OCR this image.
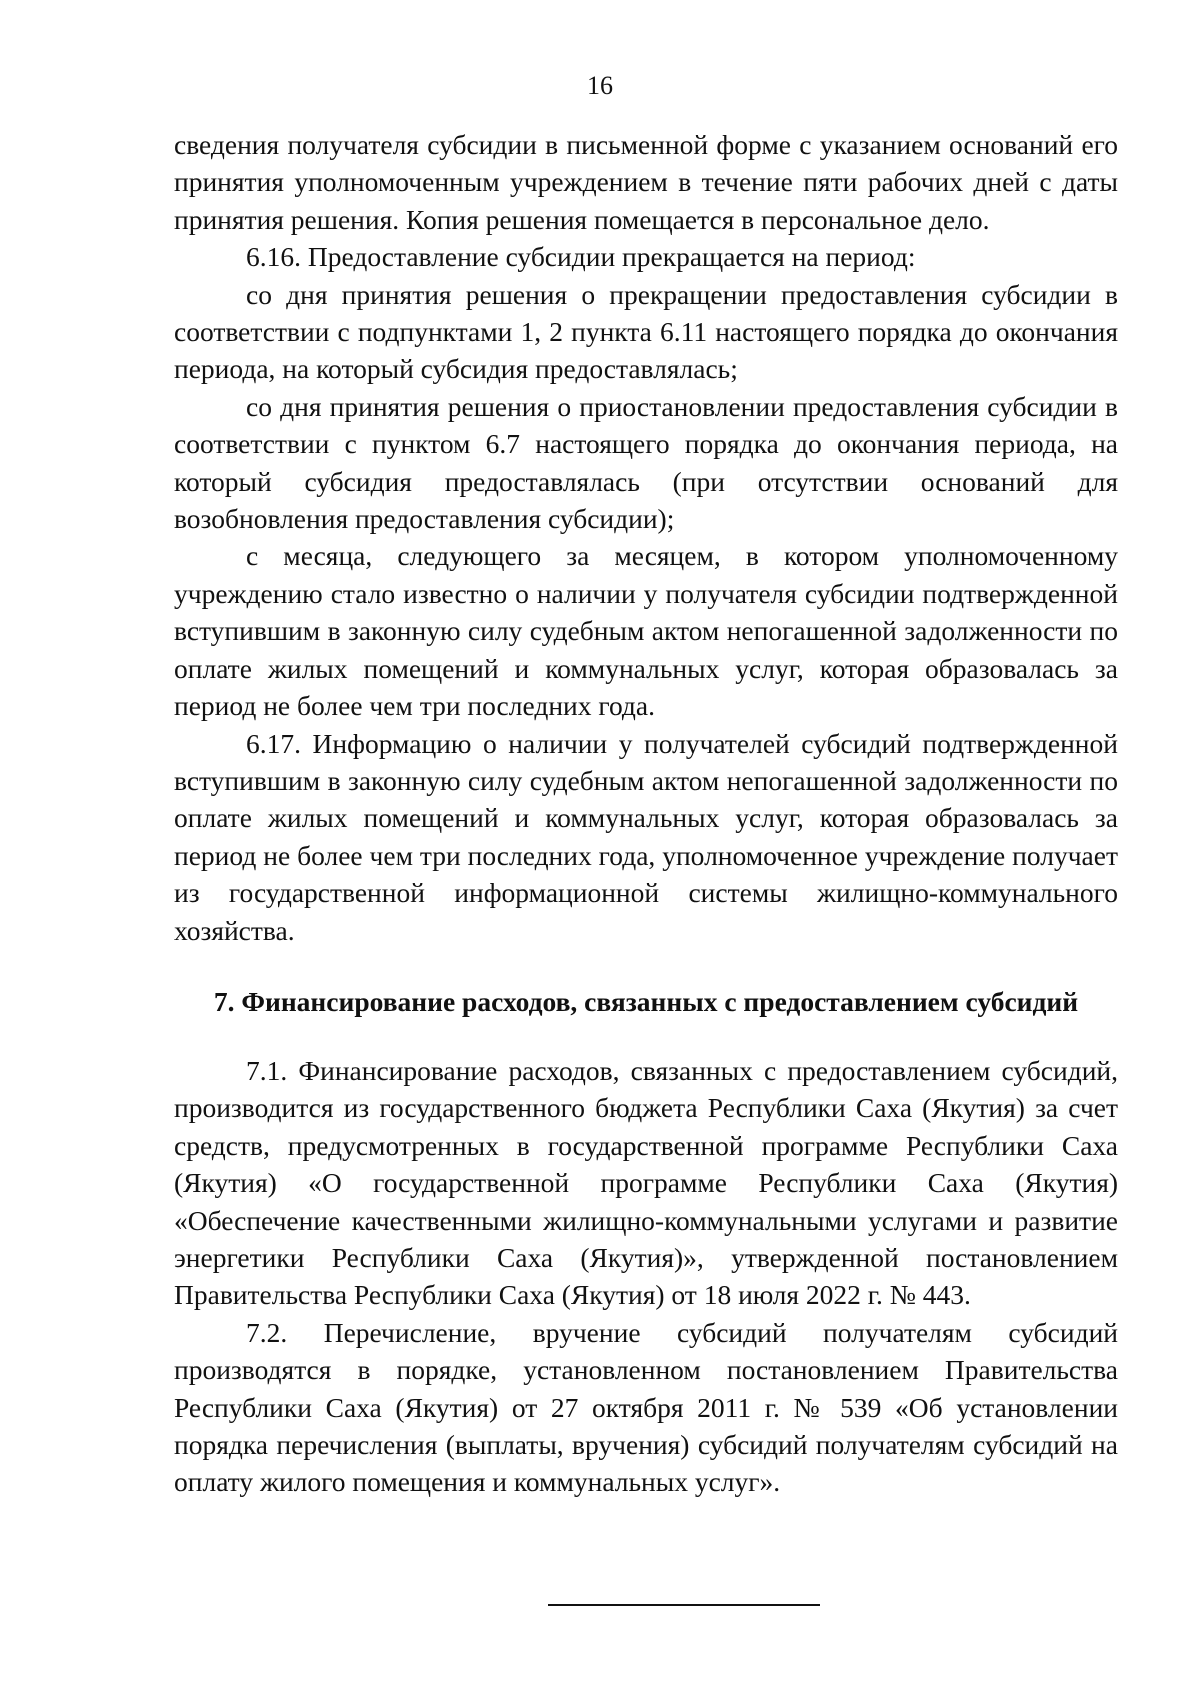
16

сведения получателя субсидии в письменной форме с указанием оснований его принятия уполномоченным учреждением в течение пяти рабочих дней с даты принятия решения. Копия решения помещается в персональное дело.

6.16. Предоставление субсидии прекращается на период:

со дня принятия решения о прекращении предоставления субсидии в соответствии с подпунктами 1, 2 пункта 6.11 настоящего порядка до окончания периода, на который субсидия предоставлялась;

со дня принятия решения о приостановлении предоставления субсидии в соответствии с пунктом 6.7 настоящего порядка до окончания периода, на который субсидия предоставлялась (при отсутствии оснований для возобновления предоставления субсидии);

с месяца, следующего за месяцем, в котором уполномоченному учреждению стало известно о наличии у получателя субсидии подтвержденной вступившим в законную силу судебным актом непогашенной задолженности по оплате жилых помещений и коммунальных услуг, которая образовалась за период не более чем три последних года.

6.17. Информацию о наличии у получателей субсидий подтвержденной вступившим в законную силу судебным актом непогашенной задолженности по оплате жилых помещений и коммунальных услуг, которая образовалась за период не более чем три последних года, уполномоченное учреждение получает из государственной информационной системы жилищно-коммунального хозяйства.

7. Финансирование расходов, связанных с предоставлением субсидий

7.1. Финансирование расходов, связанных с предоставлением субсидий, производится из государственного бюджета Республики Саха (Якутия) за счет средств, предусмотренных в государственной программе Республики Саха (Якутия) «О государственной программе Республики Саха (Якутия) «Обеспечение качественными жилищно-коммунальными услугами и развитие энергетики Республики Саха (Якутия)», утвержденной постановлением Правительства Республики Саха (Якутия) от 18 июля 2022 г. № 443.

7.2. Перечисление, вручение субсидий получателям субсидий производятся в порядке, установленном постановлением Правительства Республики Саха (Якутия) от 27 октября 2011 г. № 539 «Об установлении порядка перечисления (выплаты, вручения) субсидий получателям субсидий на оплату жилого помещения и коммунальных услуг».
